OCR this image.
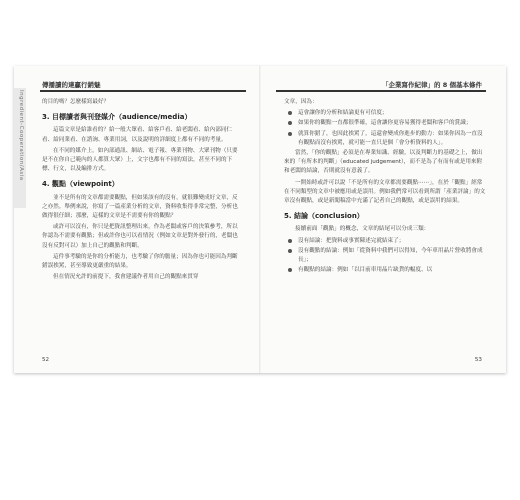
Ingredient-Cooperation/Asia
傳播讀的達贏行銷魅

的目的嗎？怎麼樣寫最好？

3. 目標讀者與刊登媒介（audience/media）

這篇文章是給誰看的？給一般大眾看、給客戶看、給老闆看、給內部同仁看、給同業看、在諮詢、專業用詞，以及說明的詳細度上都有不同的考量。

在不同的媒介上，如內部通訊、網站、電子報、專業刊物、大眾刊物（只要是不在你自己範內的人都算大眾）上，文字也都有不同的寫法，甚至不同的下標、行文，以及編排方式。

4. 觀點（viewpoint）

並不是所有的文章都需要觀點，但如果該有的沒有，就很難變成好文章，反之亦然。舉例來說，你寫了一篇產業分析的文章，資料收集得非常完整，分析也做得很仔細；那麼，這樣的文章是不需要有你的觀點？

或許可以沒有，你只是把資訊整理出來，作為老闆或客戶的決策參考，所以你認為不需要有觀點；但或許你也可以看情況（例如文章是對外發行的，老闆也沒有反對可以）加上自己的觀點和判斷。

這件事考驗的是你的分析能力，也考驗了你的膽量；因為你也可能因為判斷錯誤挨罵，甚至導致更嚴重的結果。

但在情況允許的前提下，我會建議作者用自己的觀點來貫穿

52
「企業寫作紀律」的 8 個基本條件

文章，因為：

這會讓你的分析和結論更有可信度；
如果你的觀點一直都很準確，這會讓你更容易獲得老闆和客戶的賞識；
就算你錯了，也因此挨罵了，這還會變成你進步的動力：如果你因為一直沒有觀點而沒有挨罵，就可能一直只是個「會分析資料的人」。

當然，「你的觀點」必須是在專業知識、經驗，以及判斷力的基礎之上，做出來的「有所本的判斷」（educated judgement），而不是為了有而有或是用來附和老闆的結論，否則就沒有意義了。

一開始時或許可以說「不是所有的文章都需要觀點⋯⋯」，在於「觀點」經常在不同類型的文章中被應用或是誤用。例如我們常可以看到所謂「產業評論」的文章沒有觀點，或是新聞稿當中充滿了記者自己的觀點，或是誤用的結果。

5. 結論（conclusion）

接續前面「觀點」的概念，文章的結尾可以分成三類：

沒有結論：把資料或事實陳述完就結束了；
沒有觀點的結論：例如「從資料中我們可以得知，今年車用晶片營收將會成長」；
有觀點的結論：例如「以目前車用晶片缺貨的幅度、以
53
